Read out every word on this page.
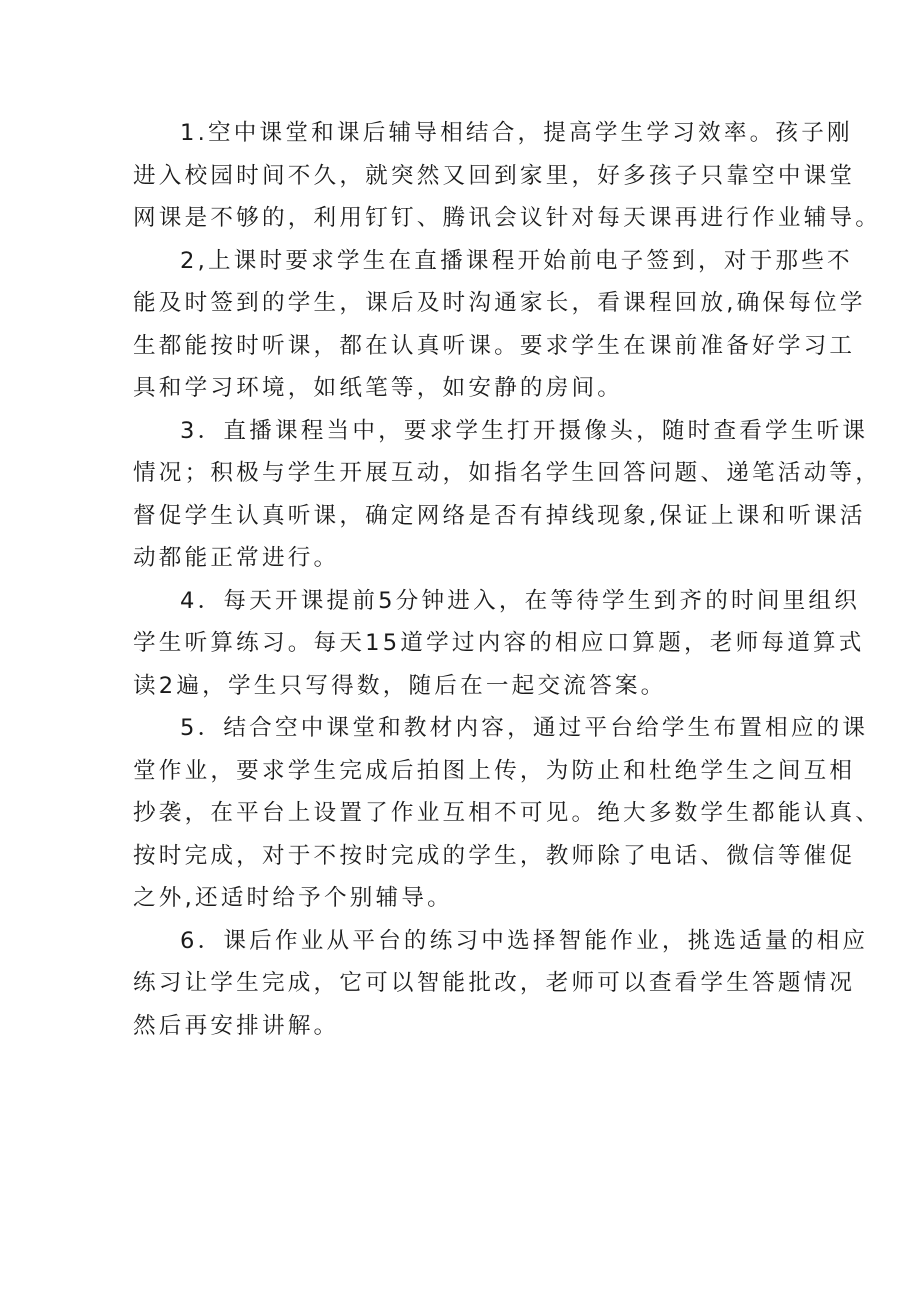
1.空中课堂和课后辅导相结合，提高学生学习效率。孩子刚
进入校园时间不久，就突然又回到家里，好多孩子只靠空中课堂
网课是不够的，利用钉钉、腾讯会议针对每天课再进行作业辅导。

2,上课时要求学生在直播课程开始前电子签到，对于那些不
能及时签到的学生，课后及时沟通家长，看课程回放,确保每位学
生都能按时听课，都在认真听课。要求学生在课前准备好学习工
具和学习环境，如纸笔等，如安静的房间。

3．直播课程当中，要求学生打开摄像头，随时查看学生听课
情况；积极与学生开展互动，如指名学生回答问题、递笔活动等，
督促学生认真听课，确定网络是否有掉线现象,保证上课和听课活
动都能正常进行。

4．每天开课提前5分钟进入，在等待学生到齐的时间里组织
学生听算练习。每天15道学过内容的相应口算题，老师每道算式
读2遍，学生只写得数，随后在一起交流答案。

5．结合空中课堂和教材内容，通过平台给学生布置相应的课
堂作业，要求学生完成后拍图上传，为防止和杜绝学生之间互相
抄袭，在平台上设置了作业互相不可见。绝大多数学生都能认真、
按时完成，对于不按时完成的学生，教师除了电话、微信等催促
之外,还适时给予个别辅导。

6．课后作业从平台的练习中选择智能作业，挑选适量的相应
练习让学生完成，它可以智能批改，老师可以查看学生答题情况
然后再安排讲解。
